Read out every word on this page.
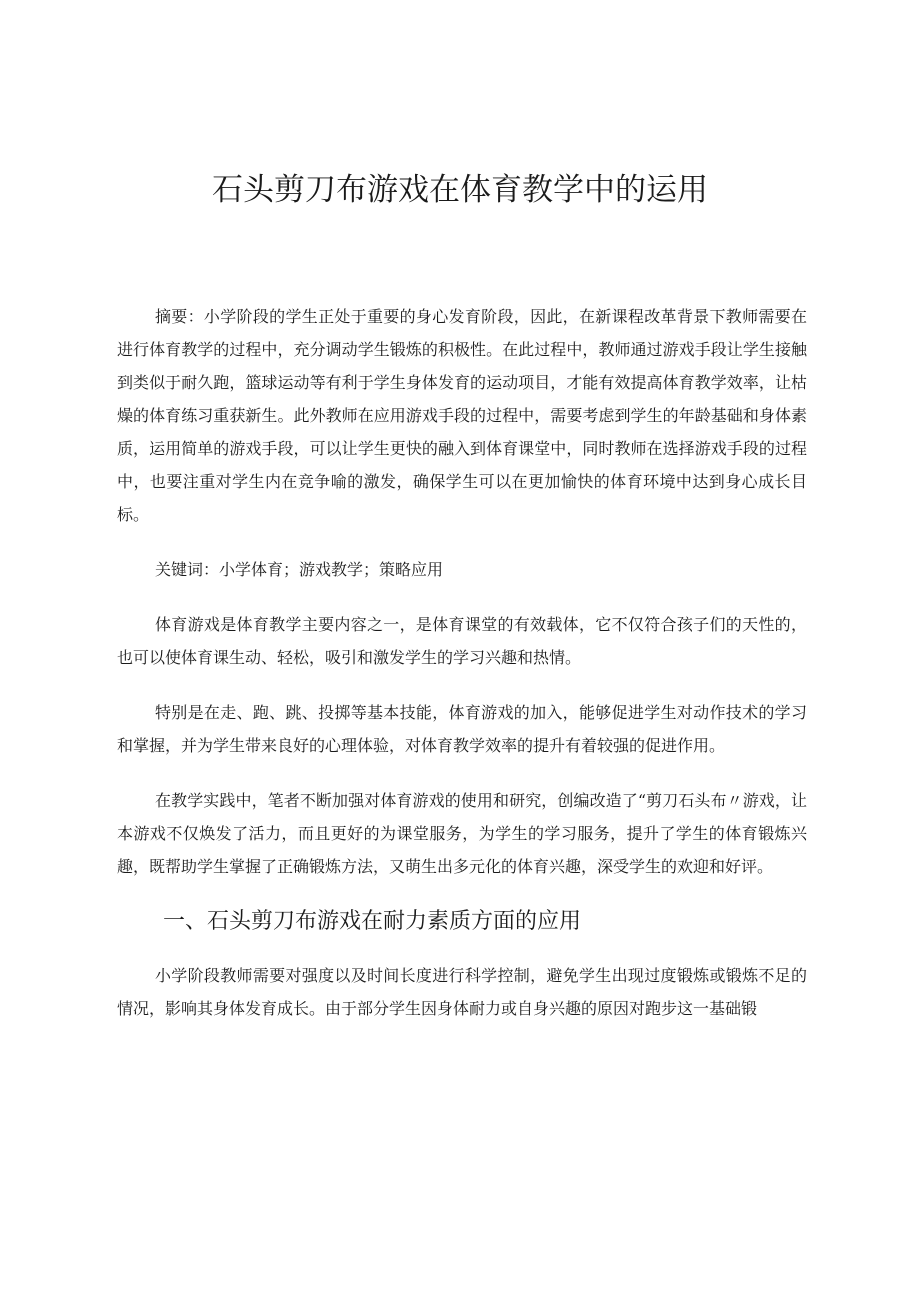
石头剪刀布游戏在体育教学中的运用

摘要：小学阶段的学生正处于重要的身心发育阶段，因此，在新课程改革背景下教师需要在进行体育教学的过程中，充分调动学生锻炼的积极性。在此过程中，教师通过游戏手段让学生接触到类似于耐久跑，篮球运动等有利于学生身体发育的运动项目，才能有效提高体育教学效率，让枯燥的体育练习重获新生。此外教师在应用游戏手段的过程中，需要考虑到学生的年龄基础和身体素质，运用简单的游戏手段，可以让学生更快的融入到体育课堂中，同时教师在选择游戏手段的过程中，也要注重对学生内在竞争喻的激发，确保学生可以在更加愉快的体育环境中达到身心成长目标。

关键词：小学体育；游戏教学；策略应用

体育游戏是体育教学主要内容之一，是体育课堂的有效载体，它不仅符合孩子们的天性的，也可以使体育课生动、轻松，吸引和激发学生的学习兴趣和热情。

特别是在走、跑、跳、投掷等基本技能，体育游戏的加入，能够促进学生对动作技术的学习和掌握，并为学生带来良好的心理体验，对体育教学效率的提升有着较强的促进作用。

在教学实践中，笔者不断加强对体育游戏的使用和研究，创编改造了“剪刀石头布〃游戏，让本游戏不仅焕发了活力，而且更好的为课堂服务，为学生的学习服务，提升了学生的体育锻炼兴趣，既帮助学生掌握了正确锻炼方法，又萌生出多元化的体育兴趣，深受学生的欢迎和好评。

一、石头剪刀布游戏在耐力素质方面的应用

小学阶段教师需要对强度以及时间长度进行科学控制，避免学生出现过度锻炼或锻炼不足的情况，影响其身体发育成长。由于部分学生因身体耐力或自身兴趣的原因对跑步这一基础锻
